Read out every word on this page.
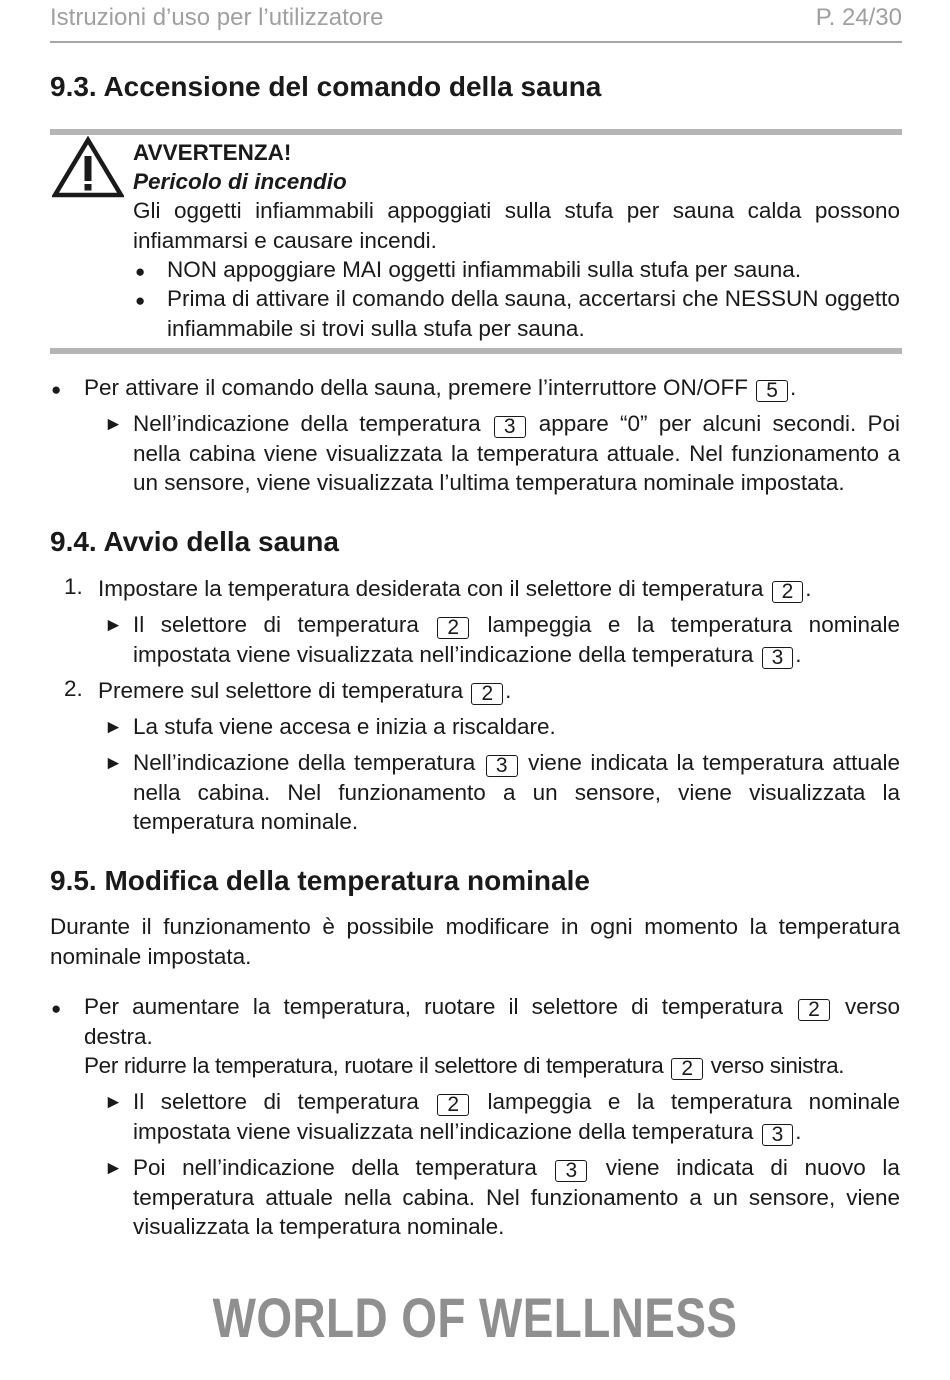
Istruzioni d’uso per l’utilizzatore	P. 24/30
9.3. Accensione del comando della sauna
AVVERTENZA!
Pericolo di incendio
Gli oggetti infiammabili appoggiati sulla stufa per sauna calda possono infiammarsi e causare incendi.
● NON appoggiare MAI oggetti infiammabili sulla stufa per sauna.
● Prima di attivare il comando della sauna, accertarsi che NESSUN oggetto infiammabile si trovi sulla stufa per sauna.
● Per attivare il comando della sauna, premere l’interruttore ON/OFF 5 .
► Nell’indicazione della temperatura 3 appare “0” per alcuni secondi. Poi nella cabina viene visualizzata la temperatura attuale. Nel funzionamento a un sensore, viene visualizzata l’ultima temperatura nominale impostata.
9.4. Avvio della sauna
1. Impostare la temperatura desiderata con il selettore di temperatura 2 .
► Il selettore di temperatura 2 lampeggia e la temperatura nominale impostata viene visualizzata nell’indicazione della temperatura 3 .
2. Premere sul selettore di temperatura 2 .
► La stufa viene accesa e inizia a riscaldare.
► Nell’indicazione della temperatura 3 viene indicata la temperatura attuale nella cabina. Nel funzionamento a un sensore, viene visualizzata la temperatura nominale.
9.5. Modifica della temperatura nominale
Durante il funzionamento è possibile modificare in ogni momento la temperatura nominale impostata.
● Per aumentare la temperatura, ruotare il selettore di temperatura 2 verso destra.
Per ridurre la temperatura, ruotare il selettore di temperatura 2 verso sinistra.
► Il selettore di temperatura 2 lampeggia e la temperatura nominale impostata viene visualizzata nell’indicazione della temperatura 3 .
► Poi nell’indicazione della temperatura 3 viene indicata di nuovo la temperatura attuale nella cabina. Nel funzionamento a un sensore, viene visualizzata la temperatura nominale.
WORLD OF WELLNESS
